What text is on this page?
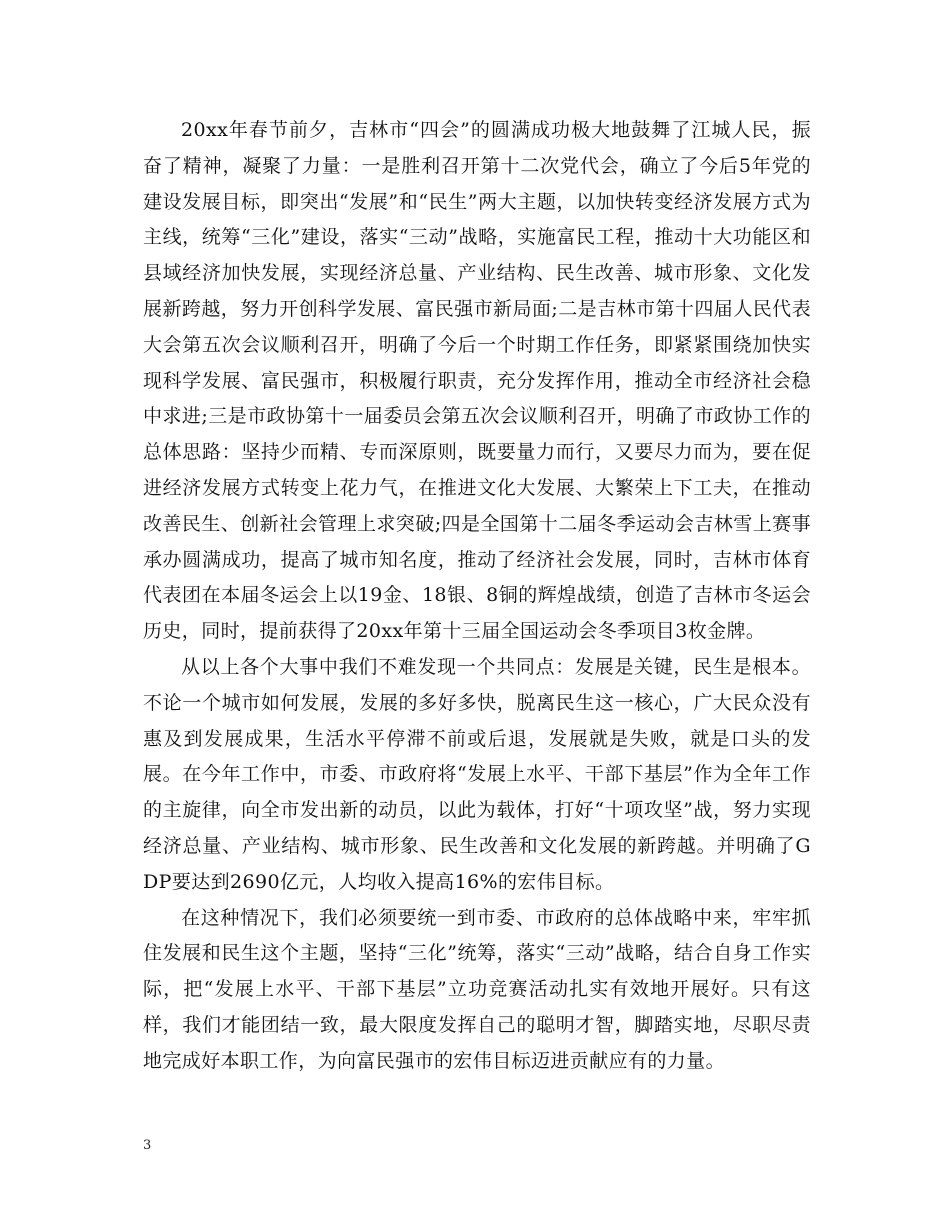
20xx年春节前夕，吉林市“四会”的圆满成功极大地鼓舞了江城人民，振奋了精神，凝聚了力量：一是胜利召开第十二次党代会，确立了今后5年党的建设发展目标，即突出“发展”和“民生”两大主题，以加快转变经济发展方式为主线，统筹“三化”建设，落实“三动”战略，实施富民工程，推动十大功能区和县域经济加快发展，实现经济总量、产业结构、民生改善、城市形象、文化发展新跨越，努力开创科学发展、富民强市新局面;二是吉林市第十四届人民代表大会第五次会议顺利召开，明确了今后一个时期工作任务，即紧紧围绕加快实现科学发展、富民强市，积极履行职责，充分发挥作用，推动全市经济社会稳中求进;三是市政协第十一届委员会第五次会议顺利召开，明确了市政协工作的总体思路：坚持少而精、专而深原则，既要量力而行，又要尽力而为，要在促进经济发展方式转变上花力气，在推进文化大发展、大繁荣上下工夫，在推动改善民生、创新社会管理上求突破;四是全国第十二届冬季运动会吉林雪上赛事承办圆满成功，提高了城市知名度，推动了经济社会发展，同时，吉林市体育代表团在本届冬运会上以19金、18银、8铜的辉煌战绩，创造了吉林市冬运会历史，同时，提前获得了20xx年第十三届全国运动会冬季项目3枚金牌。

从以上各个大事中我们不难发现一个共同点：发展是关键，民生是根本。不论一个城市如何发展，发展的多好多快，脱离民生这一核心，广大民众没有惠及到发展成果，生活水平停滞不前或后退，发展就是失败，就是口头的发展。在今年工作中，市委、市政府将“发展上水平、干部下基层”作为全年工作的主旋律，向全市发出新的动员，以此为载体，打好“十项攻坚”战，努力实现经济总量、产业结构、城市形象、民生改善和文化发展的新跨越。并明确了GDP要达到2690亿元，人均收入提高16%的宏伟目标。

在这种情况下，我们必须要统一到市委、市政府的总体战略中来，牢牢抓住发展和民生这个主题，坚持“三化”统筹，落实“三动”战略，结合自身工作实际，把“发展上水平、干部下基层”立功竞赛活动扎实有效地开展好。只有这样，我们才能团结一致，最大限度发挥自己的聪明才智，脚踏实地，尽职尽责地完成好本职工作，为向富民强市的宏伟目标迈进贡献应有的力量。

3
